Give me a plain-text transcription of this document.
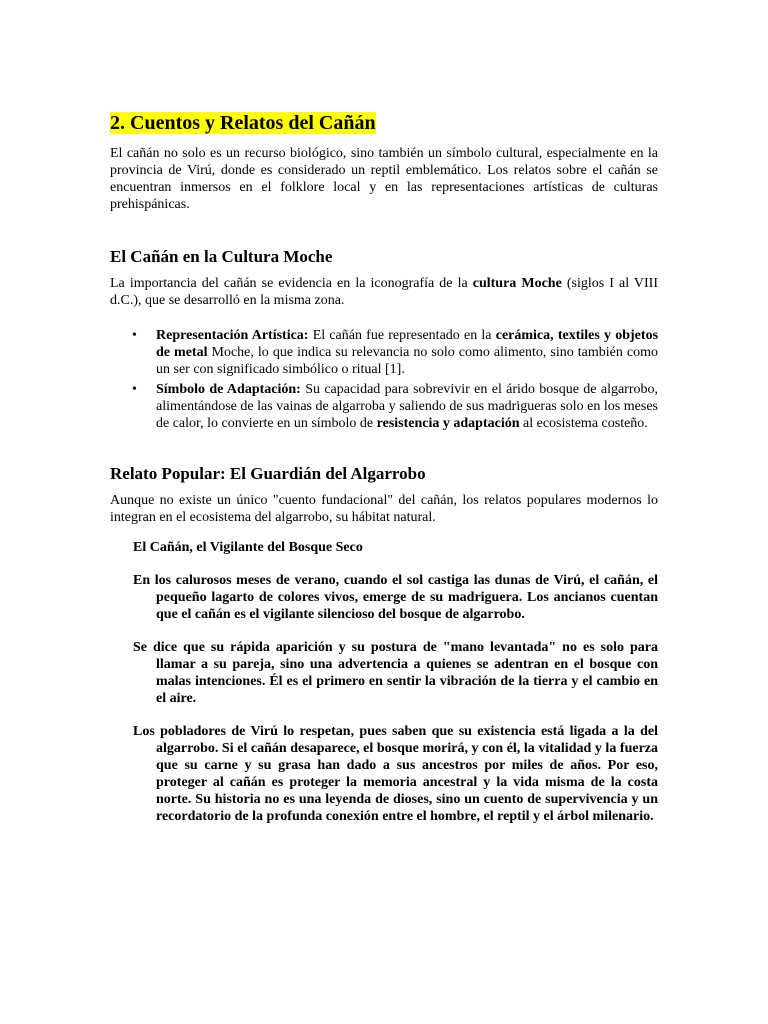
2. Cuentos y Relatos del Cañán

El cañán no solo es un recurso biológico, sino también un símbolo cultural, especialmente en la provincia de Virú, donde es considerado un reptil emblemático. Los relatos sobre el cañán se encuentran inmersos en el folklore local y en las representaciones artísticas de culturas prehispánicas.

El Cañán en la Cultura Moche

La importancia del cañán se evidencia en la iconografía de la cultura Moche (siglos I al VIII d.C.), que se desarrolló en la misma zona.

• Representación Artística: El cañán fue representado en la cerámica, textiles y objetos de metal Moche, lo que indica su relevancia no solo como alimento, sino también como un ser con significado simbólico o ritual [1].
• Símbolo de Adaptación: Su capacidad para sobrevivir en el árido bosque de algarrobo, alimentándose de las vainas de algarroba y saliendo de sus madrigueras solo en los meses de calor, lo convierte en un símbolo de resistencia y adaptación al ecosistema costeño.
Relato Popular: El Guardián del Algarrobo

Aunque no existe un único "cuento fundacional" del cañán, los relatos populares modernos lo integran en el ecosistema del algarrobo, su hábitat natural.

El Cañán, el Vigilante del Bosque Seco
En los calurosos meses de verano, cuando el sol castiga las dunas de Virú, el cañán, el pequeño lagarto de colores vivos, emerge de su madriguera. Los ancianos cuentan que el cañán es el vigilante silencioso del bosque de algarrobo.
Se dice que su rápida aparición y su postura de "mano levantada" no es solo para llamar a su pareja, sino una advertencia a quienes se adentran en el bosque con malas intenciones. Él es el primero en sentir la vibración de la tierra y el cambio en el aire.
Los pobladores de Virú lo respetan, pues saben que su existencia está ligada a la del algarrobo. Si el cañán desaparece, el bosque morirá, y con él, la vitalidad y la fuerza que su carne y su grasa han dado a sus ancestros por miles de años. Por eso, proteger al cañán es proteger la memoria ancestral y la vida misma de la costa norte. Su historia no es una leyenda de dioses, sino un cuento de supervivencia y un recordatorio de la profunda conexión entre el hombre, el reptil y el árbol milenario.
